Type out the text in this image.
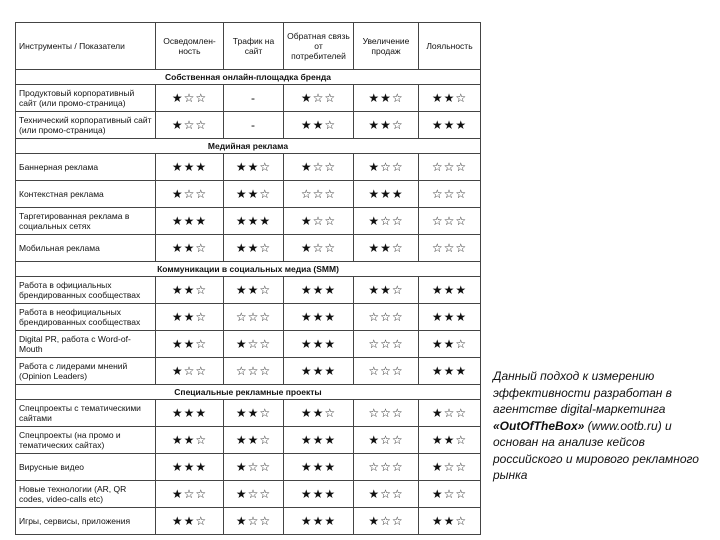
Инструменты / Показатели	Осведомлен-ность	Трафик на сайт	Обратная связь от потребителей	Увеличение продаж	Лояльность
Собственная онлайн-площадка бренда					
Продуктовый корпоративный сайт (или промо-страница)	★☆☆	-	★☆☆	★★☆	★★☆
Технический корпоративный сайт (или промо-страница)	★☆☆	-	★★☆	★★☆	★★★
Медийная реклама					
Баннерная реклама	★★★	★★☆	★☆☆	★☆☆	☆☆☆
Контекстная реклама	★☆☆	★★☆	☆☆☆	★★★	☆☆☆
Таргетированная реклама в социальных сетях	★★★	★★★	★☆☆	★☆☆	☆☆☆
Мобильная реклама	★★☆	★★☆	★☆☆	★★☆	☆☆☆
Коммуникации в социальных медиа (SMM)					
Работа в официальных брендированных сообществах	★★☆	★★☆	★★★	★★☆	★★★
Работа в неофициальных брендированных сообществах	★★☆	☆☆☆	★★★	☆☆☆	★★★
Digital PR, работа с Word-of-Mouth	★★☆	★☆☆	★★★	☆☆☆	★★☆
Работа с лидерами мнений (Opinion Leaders)	★☆☆	☆☆☆	★★★	☆☆☆	★★★
Специальные рекламные проекты					
Спецпроекты с тематическими сайтами	★★★	★★☆	★★☆	☆☆☆	★☆☆
Спецпроекты (на промо и тематических сайтах)	★★☆	★★☆	★★★	★☆☆	★★☆
Вирусные видео	★★★	★☆☆	★★★	☆☆☆	★☆☆
Новые технологии (AR, QR codes, video-calls etc)	★☆☆	★☆☆	★★★	★☆☆	★☆☆
Игры, сервисы, приложения	★★☆	★☆☆	★★★	★☆☆	★★☆
Данный подход к измерению эффективности разработан в агентстве digital-маркетинга «OutOfTheBox» (www.ootb.ru) и основан на анализе кейсов российского и мирового рекламного рынка
